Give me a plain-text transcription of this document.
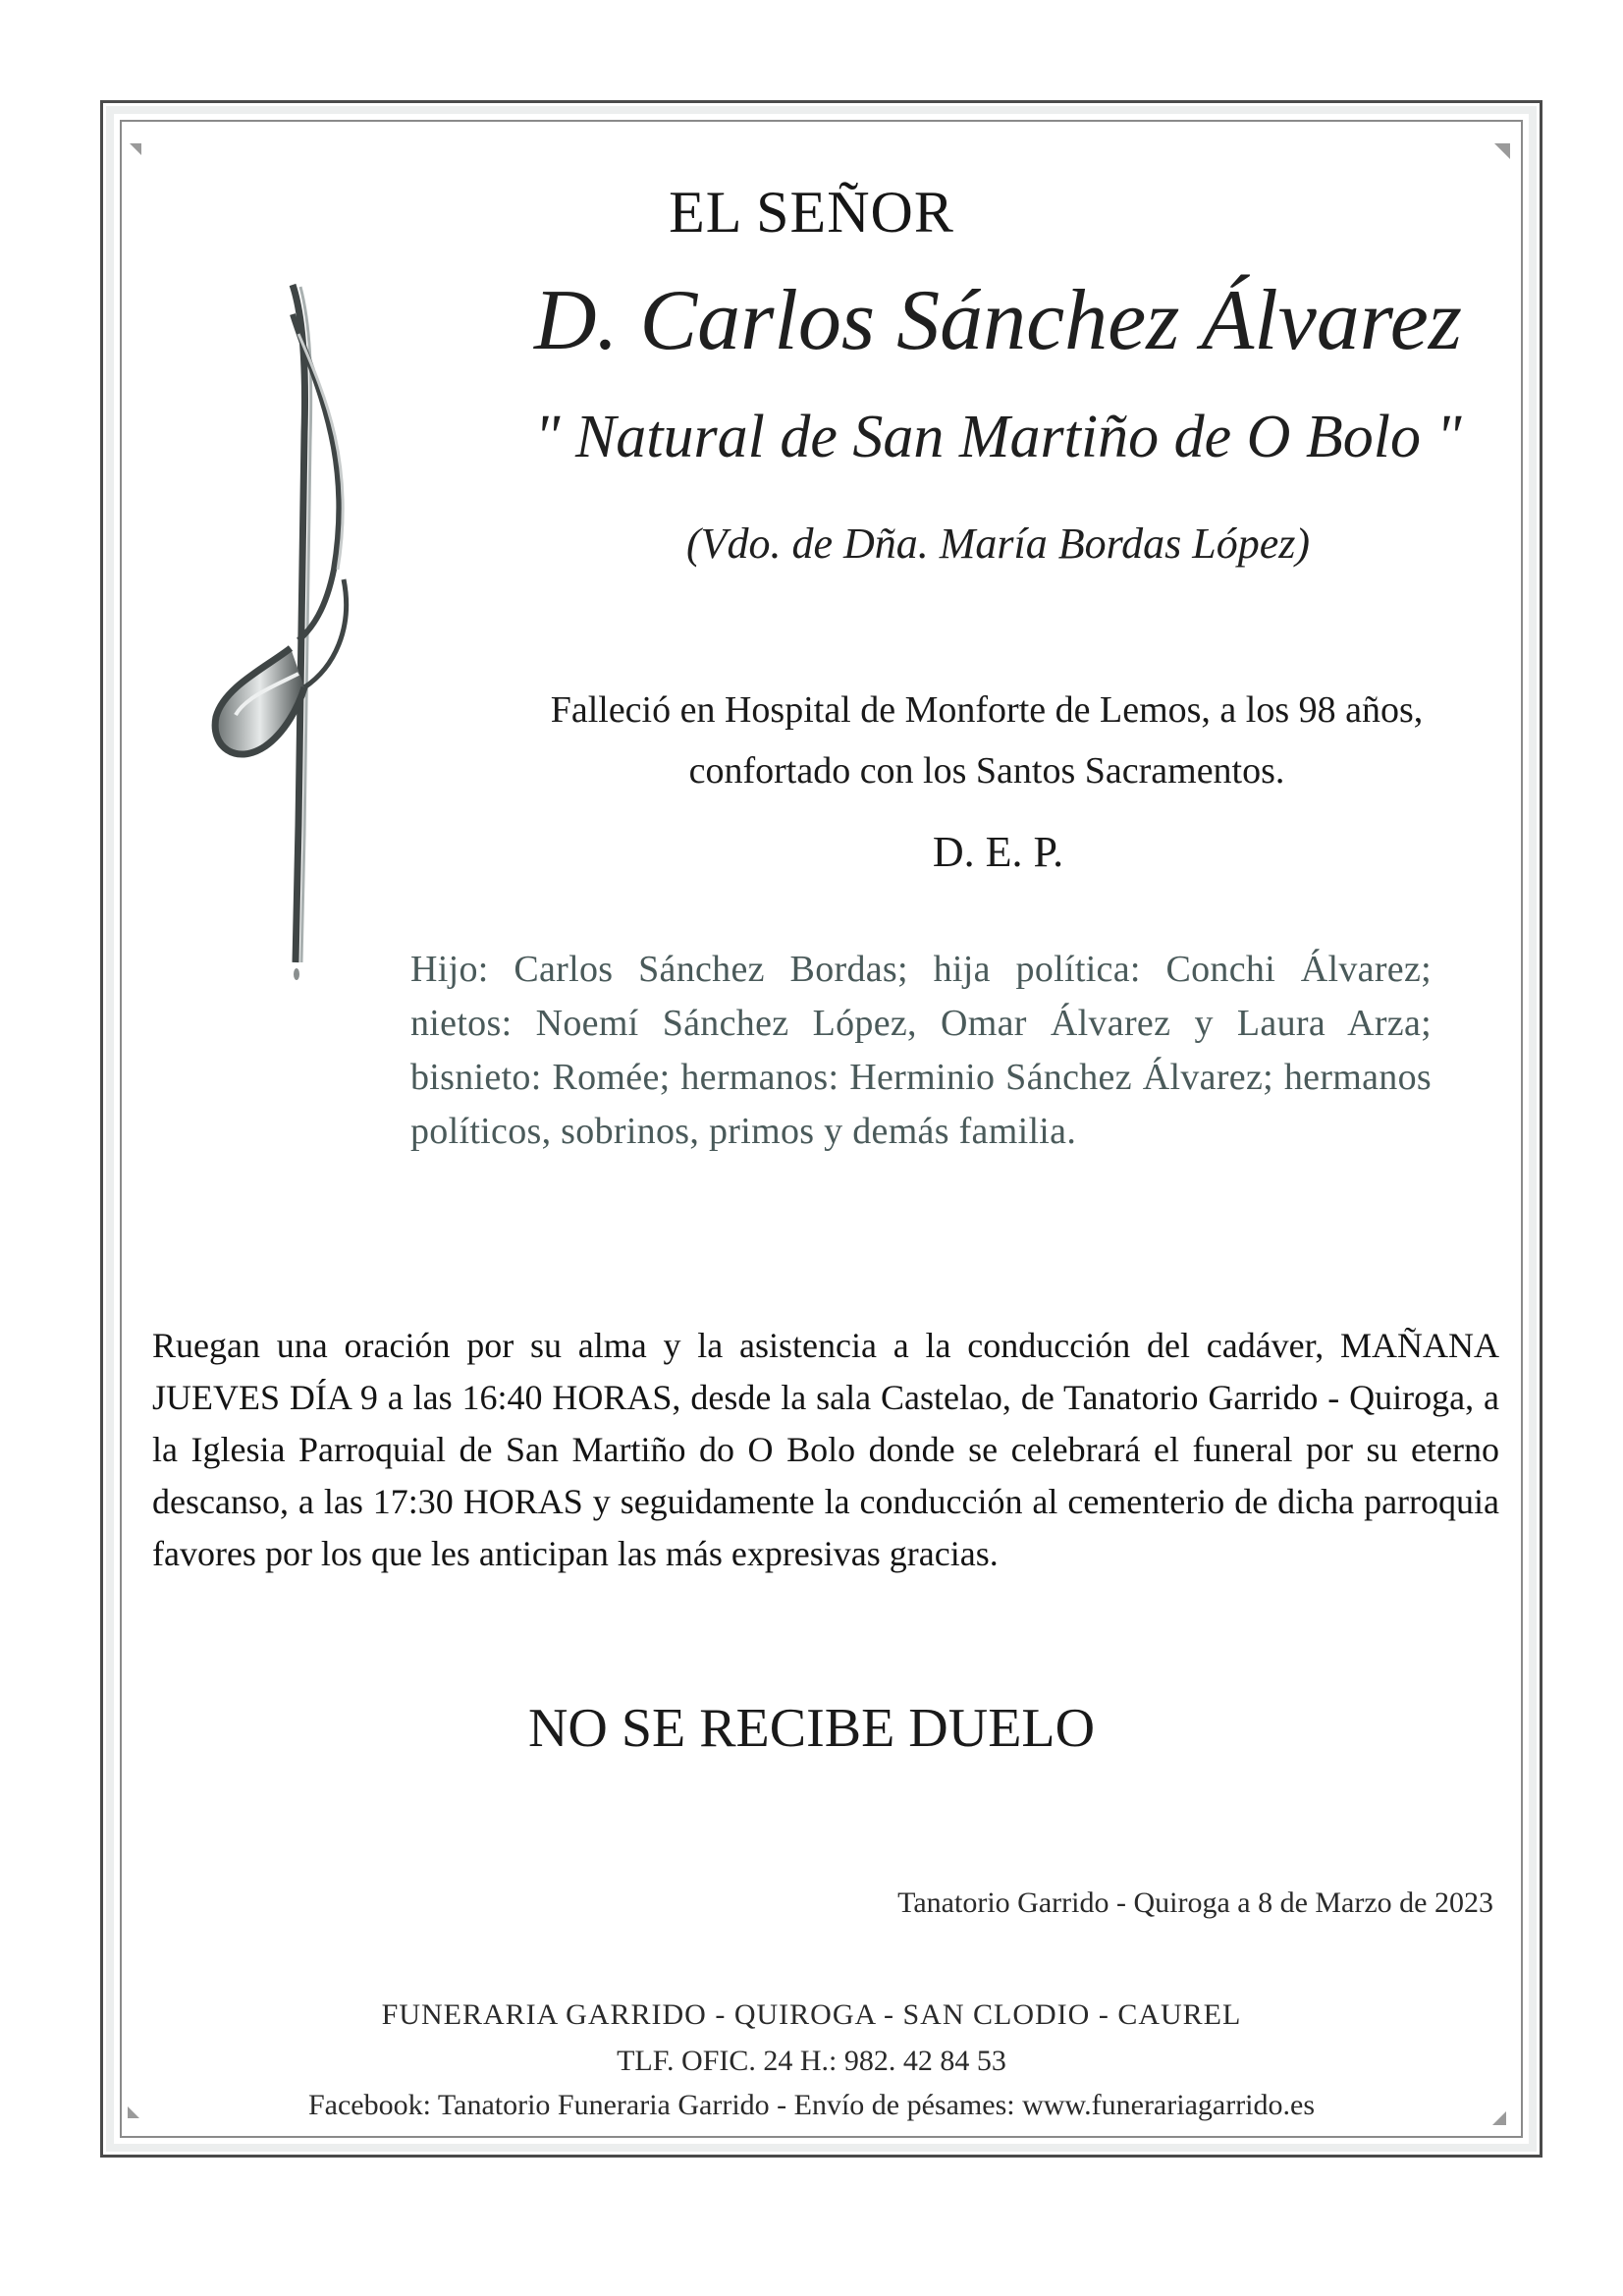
EL SEÑOR
D. Carlos Sánchez Álvarez
" Natural de San Martiño de O Bolo "
(Vdo. de Dña. María Bordas López)
Falleció en Hospital de Monforte de Lemos, a los 98 años,
confortado con los Santos Sacramentos.
D. E. P.
Hijo: Carlos Sánchez Bordas; hija política: Conchi Álvarez; nietos: Noemí Sánchez López, Omar Álvarez y Laura Arza; bisnieto: Romée; hermanos: Herminio Sánchez Álvarez; hermanos políticos, sobrinos, primos y demás familia.
Ruegan una oración por su alma y la asistencia a la conducción del cadáver, MAÑANA JUEVES DÍA 9 a las 16:40 HORAS, desde la sala Castelao, de Tanatorio Garrido - Quiroga, a la Iglesia Parroquial de San Martiño do O Bolo donde se celebrará el funeral por su eterno descanso, a las 17:30 HORAS y seguidamente la conducción al cementerio de dicha parroquia favores por los que les anticipan las más expresivas gracias.
NO SE RECIBE DUELO
Tanatorio Garrido - Quiroga a 8 de Marzo de 2023
FUNERARIA GARRIDO - QUIROGA - SAN CLODIO - CAUREL
TLF. OFIC. 24 H.: 982. 42 84 53
Facebook: Tanatorio Funeraria Garrido - Envío de pésames: www.funerariagarrido.es
